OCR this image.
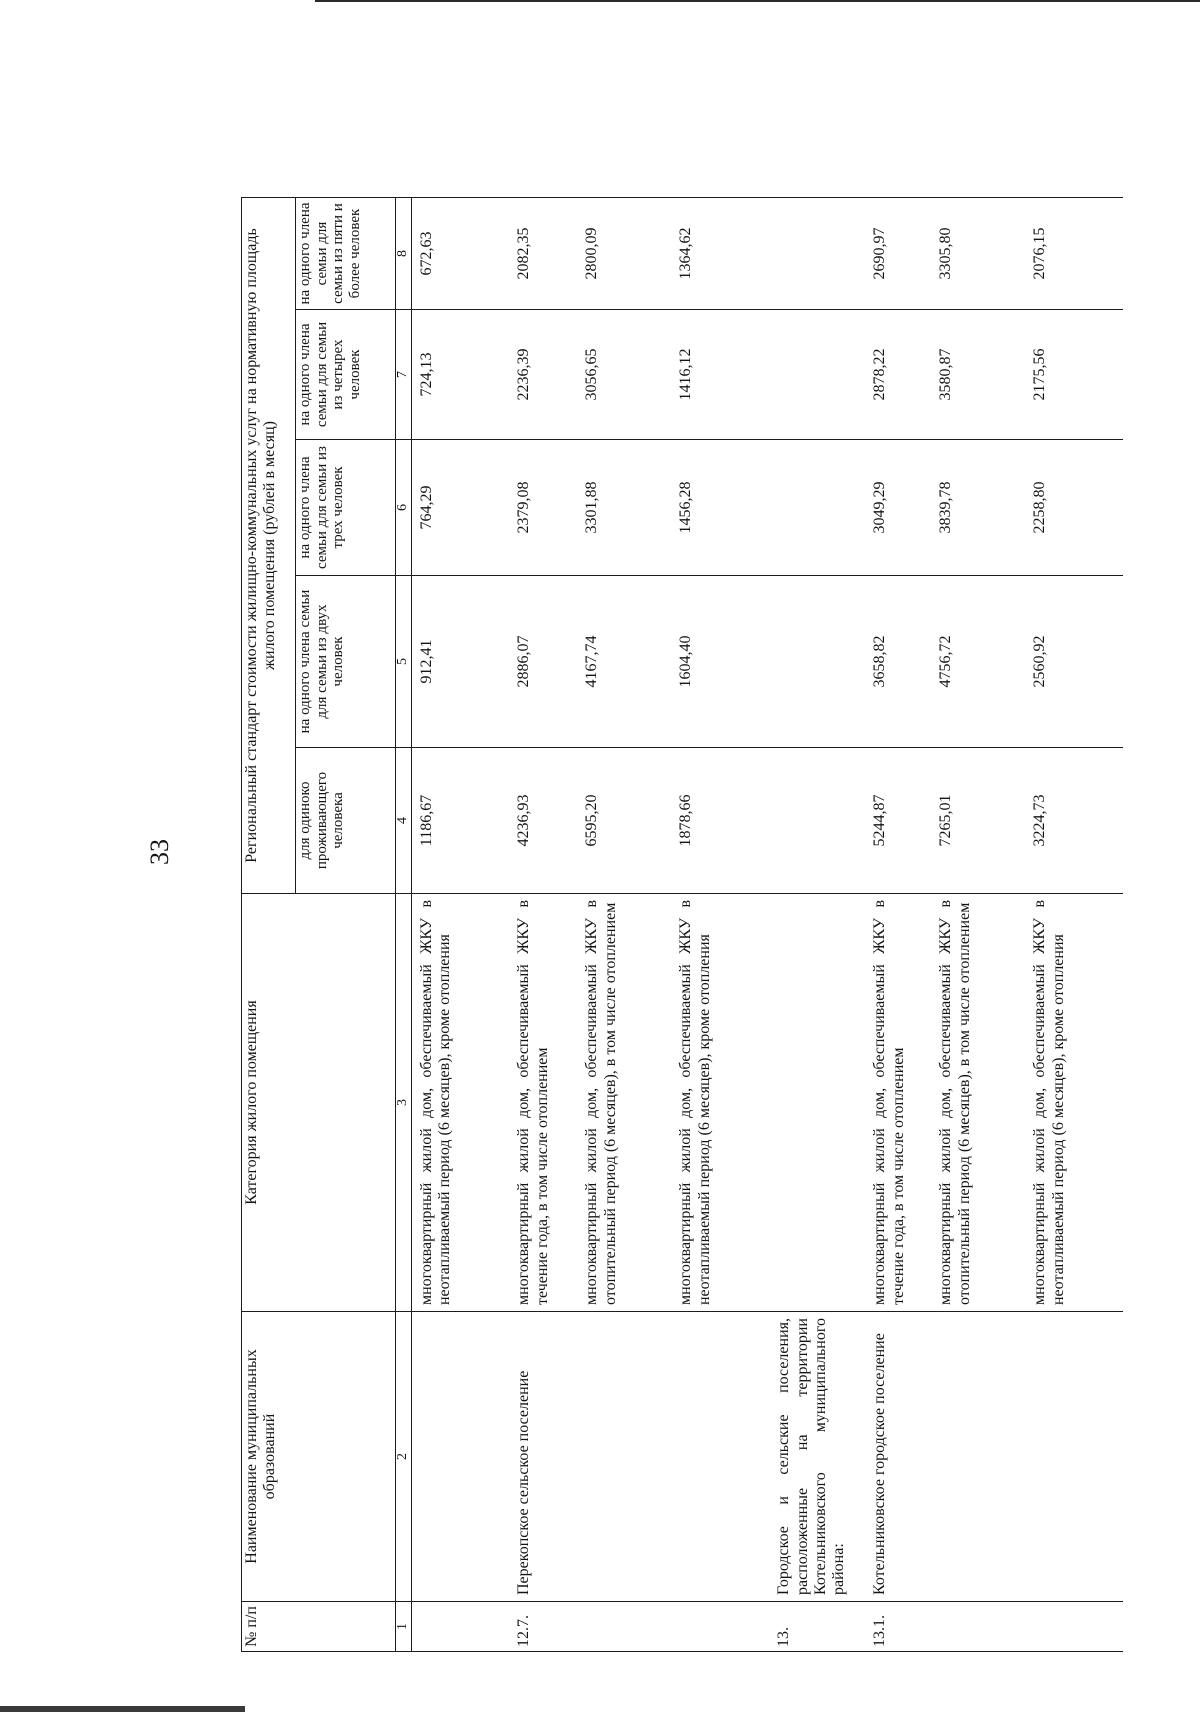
33
№ п/п	Наименование муниципальных образований	Категория жилого помещения	Региональный стандарт стоимости жилищно-коммунальных услуг на нормативную площадь жилого помещения (рублей в месяц)				
			для одиноко проживающего человека	на одного члена семьи для семьи из двух человек	на одного члена семьи для семьи из трех человек	на одного члена семьи для семьи из четырех человек	на одного члена семьи для семьи из пяти и более человек
1	2	3	4	5	6	7	8
		многоквартирный жилой дом, обеспечиваемый ЖКУ в неотапливаемый период (6 месяцев), кроме отопления	1186,67	912,41	764,29	724,13	672,63
12.7.	Перекопское сельское поселение	многоквартирный жилой дом, обеспечиваемый ЖКУ в течение года, в том числе отоплением	4236,93	2886,07	2379,08	2236,39	2082,35
		многоквартирный жилой дом, обеспечиваемый ЖКУ в отопительный период (6 месяцев), в том числе отоплением	6595,20	4167,74	3301,88	3056,65	2800,09
		многоквартирный жилой дом, обеспечиваемый ЖКУ в неотапливаемый период (6 месяцев), кроме отопления	1878,66	1604,40	1456,28	1416,12	1364,62
13.	Городское и сельские поселения, расположенные на территории Котельниковского муниципального района:						
13.1.	Котельниковское городское поселение	многоквартирный жилой дом, обеспечиваемый ЖКУ в течение года, в том числе отоплением	5244,87	3658,82	3049,29	2878,22	2690,97
		многоквартирный жилой дом, обеспечиваемый ЖКУ в отопительный период (6 месяцев), в том числе отоплением	7265,01	4756,72	3839,78	3580,87	3305,80
		многоквартирный жилой дом, обеспечиваемый ЖКУ в неотапливаемый период (6 месяцев), кроме отопления	3224,73	2560,92	2258,80	2175,56	2076,15
